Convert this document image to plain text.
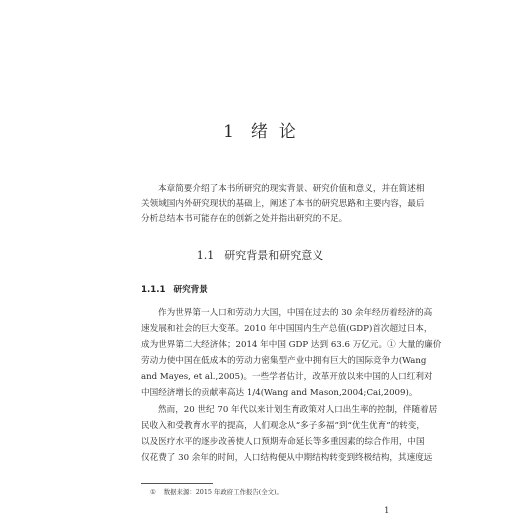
1 绪 论
本章简要介绍了本书所研究的现实背景、研究价值和意义，并在简述相
关领域国内外研究现状的基础上，阐述了本书的研究思路和主要内容，最后
分析总结本书可能存在的创新之处并指出研究的不足。
1.1 研究背景和研究意义
1.1.1 研究背景
作为世界第一人口和劳动力大国，中国在过去的 30 余年经历着经济的高
速发展和社会的巨大变革。2010 年中国国内生产总值(GDP)首次超过日本，
成为世界第二大经济体；2014 年中国 GDP 达到 63.6 万亿元。① 大量的廉价
劳动力使中国在低成本的劳动力密集型产业中拥有巨大的国际竞争力(Wang
and Mayes, et al.,2005)。一些学者估计，改革开放以来中国的人口红利对
中国经济增长的贡献率高达 1/4(Wang and Mason,2004;Cai,2009)。
然而，20 世纪 70 年代以来计划生育政策对人口出生率的控制，伴随着居
民收入和受教育水平的提高，人们观念从“多子多福”到“优生优育”的转变，
以及医疗水平的逐步改善使人口预期寿命延长等多重因素的综合作用，中国
仅花费了 30 余年的时间，人口结构便从中期结构转变到终极结构，其速度远
① 数据来源：2015 年政府工作报告(全文)。
1
